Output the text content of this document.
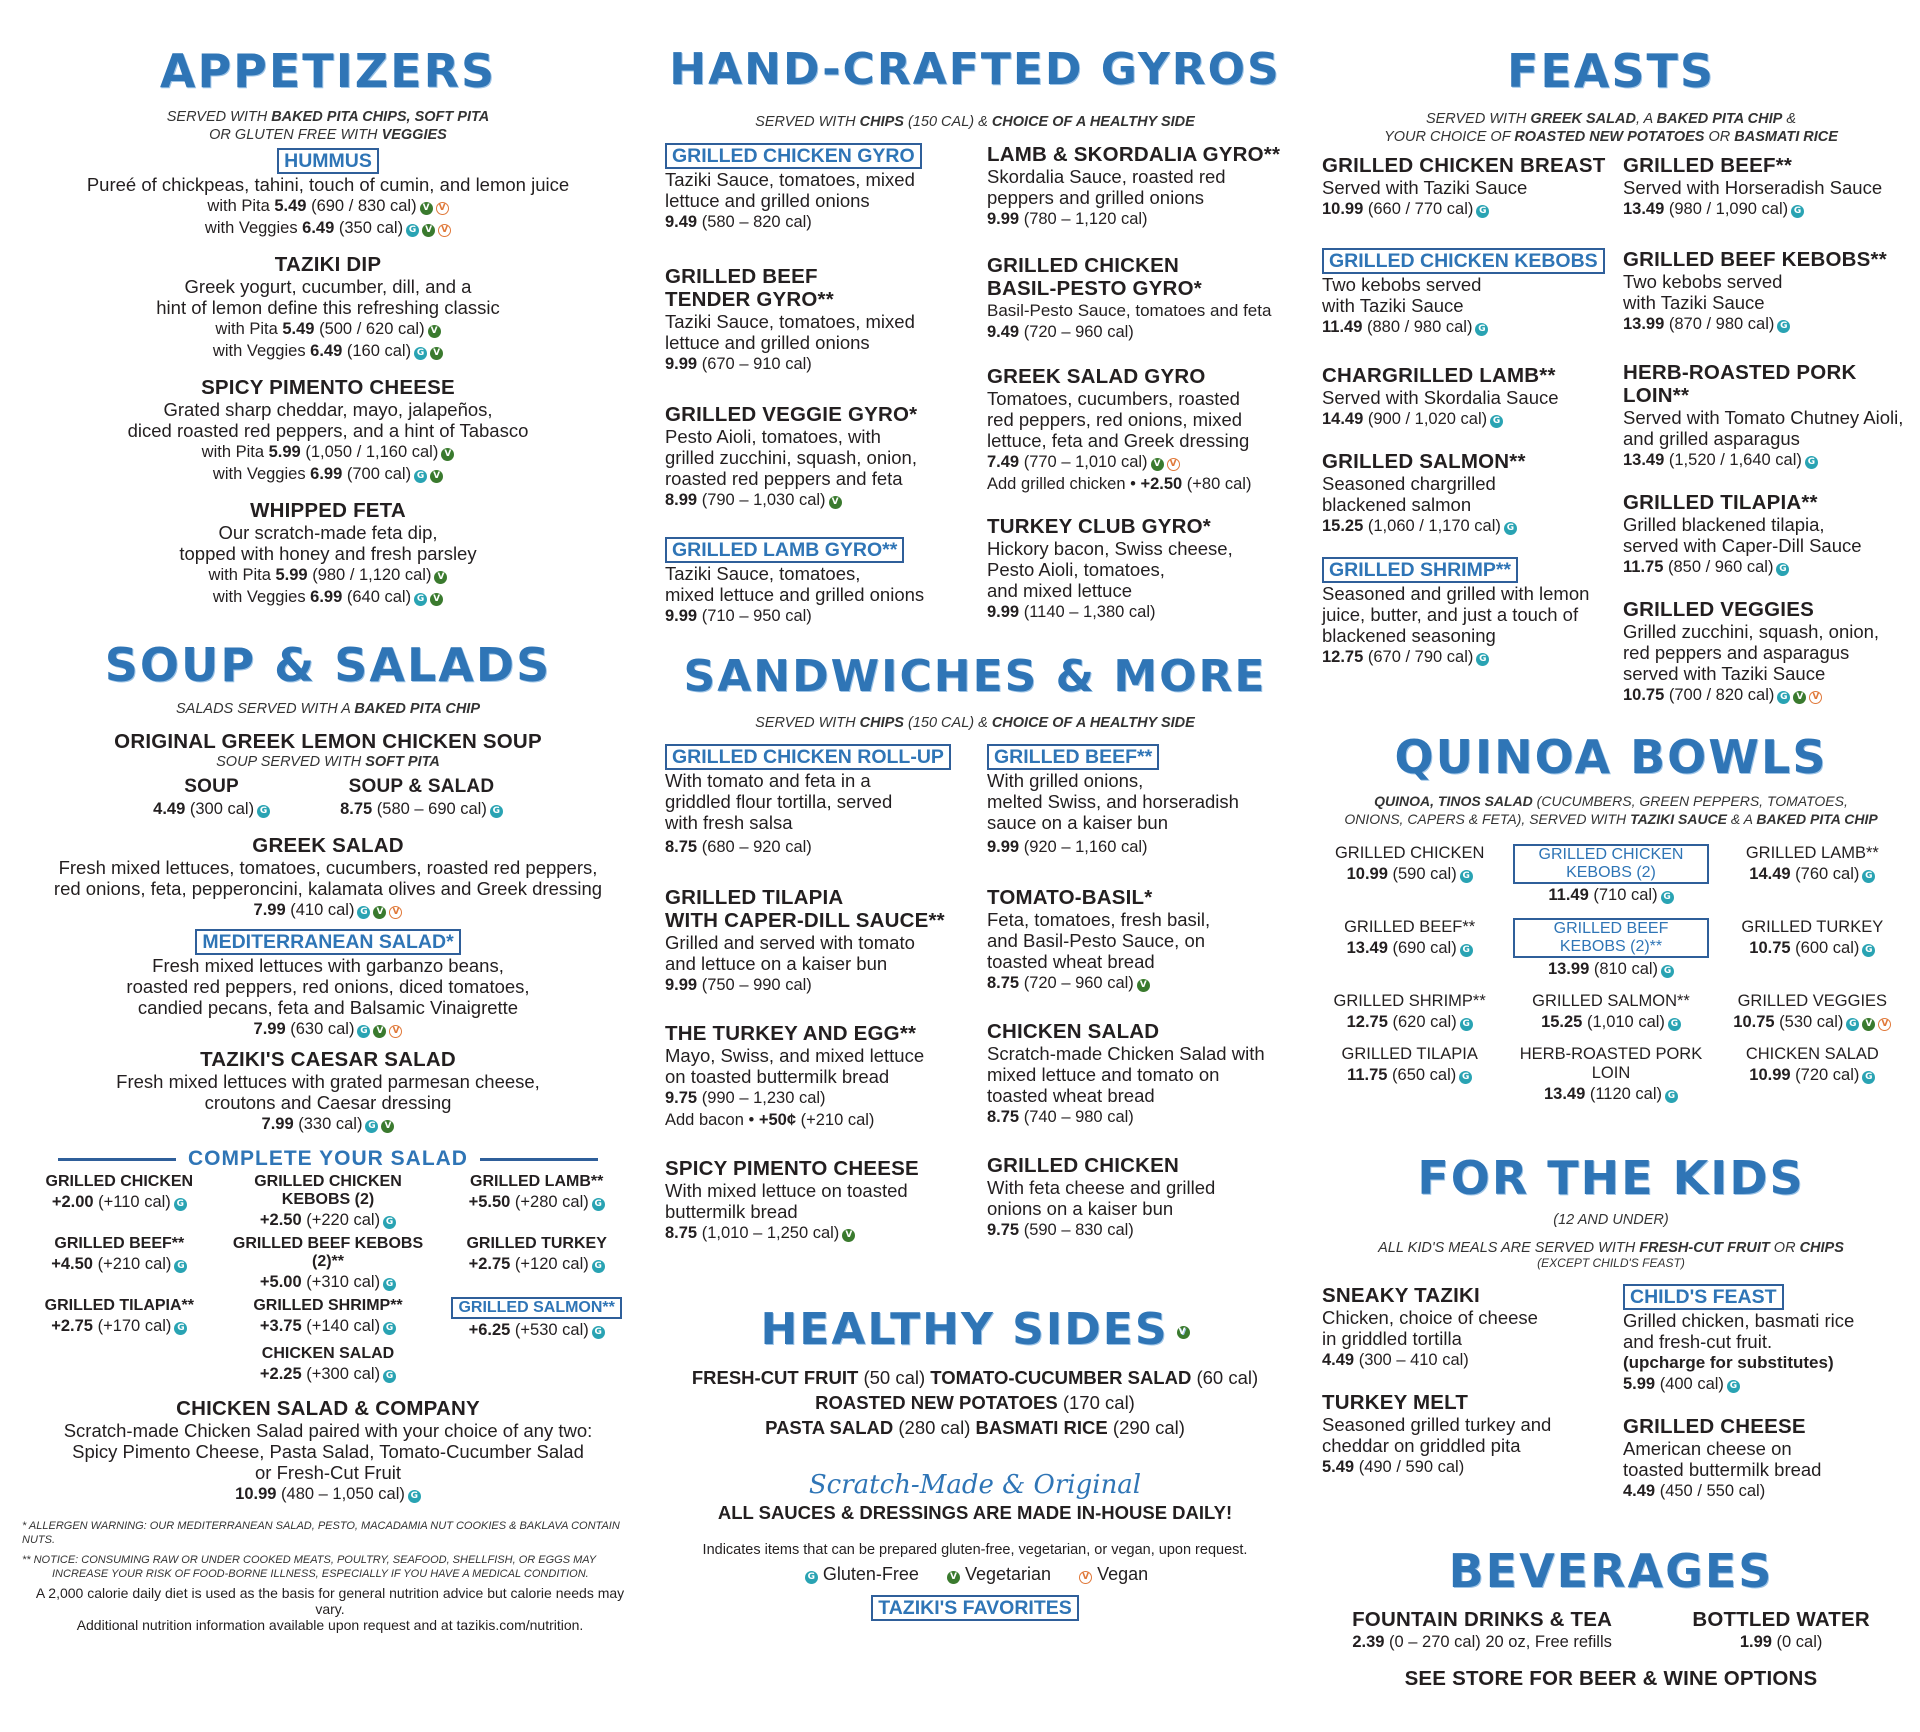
APPETIZERS
SERVED WITH BAKED PITA CHIPS, SOFT PITA
OR GLUTEN FREE WITH VEGGIES
HUMMUS
Pureé of chickpeas, tahini, touch of cumin, and lemon juice
with Pita 5.49 (690 / 830 cal) V V
with Veggies 6.49 (350 cal) G V V
TAZIKI DIP
Greek yogurt, cucumber, dill, and a
hint of lemon define this refreshing classic
with Pita 5.49 (500 / 620 cal) V
with Veggies 6.49 (160 cal) G V
SPICY PIMENTO CHEESE
Grated sharp cheddar, mayo, jalapeños,
diced roasted red peppers, and a hint of Tabasco
with Pita 5.99 (1,050 / 1,160 cal) V
with Veggies 6.99 (700 cal) G V
WHIPPED FETA
Our scratch-made feta dip,
topped with honey and fresh parsley
with Pita 5.99 (980 / 1,120 cal) V
with Veggies 6.99 (640 cal) G V
SOUP & SALADS
SALADS SERVED WITH A BAKED PITA CHIP
ORIGINAL GREEK LEMON CHICKEN SOUP
SOUP SERVED WITH SOFT PITA
SOUP
4.49 (300 cal) G
SOUP & SALAD
8.75 (580 – 690 cal) G
GREEK SALAD
Fresh mixed lettuces, tomatoes, cucumbers, roasted red peppers,
red onions, feta, pepperoncini, kalamata olives and Greek dressing
7.99 (410 cal) G V V
MEDITERRANEAN SALAD*
Fresh mixed lettuces with garbanzo beans,
roasted red peppers, red onions, diced tomatoes,
candied pecans, feta and Balsamic Vinaigrette
7.99 (630 cal) G V V
TAZIKI'S CAESAR SALAD
Fresh mixed lettuces with grated parmesan cheese,
croutons and Caesar dressing
7.99 (330 cal) G V
COMPLETE YOUR SALAD
GRILLED CHICKEN
+2.00 (+110 cal) G
GRILLED CHICKEN KEBOBS (2)
+2.50 (+220 cal) G
GRILLED LAMB**
+5.50 (+280 cal) G
GRILLED BEEF**
+4.50 (+210 cal) G
GRILLED BEEF KEBOBS (2)**
+5.00 (+310 cal) G
GRILLED TURKEY
+2.75 (+120 cal) G
GRILLED TILAPIA**
+2.75 (+170 cal) G
GRILLED SHRIMP**
+3.75 (+140 cal) G
GRILLED SALMON**
+6.25 (+530 cal) G
CHICKEN SALAD
+2.25 (+300 cal) G
CHICKEN SALAD & COMPANY
Scratch-made Chicken Salad paired with your choice of any two:
Spicy Pimento Cheese, Pasta Salad, Tomato-Cucumber Salad
or Fresh-Cut Fruit
10.99 (480 – 1,050 cal) G
* ALLERGEN WARNING: OUR MEDITERRANEAN SALAD, PESTO, MACADAMIA NUT COOKIES & BAKLAVA CONTAIN NUTS.
** NOTICE: CONSUMING RAW OR UNDER COOKED MEATS, POULTRY, SEAFOOD, SHELLFISH, OR EGGS MAY
INCREASE YOUR RISK OF FOOD-BORNE ILLNESS, ESPECIALLY IF YOU HAVE A MEDICAL CONDITION.
A 2,000 calorie daily diet is used as the basis for general nutrition advice but calorie needs may vary.
Additional nutrition information available upon request and at tazikis.com/nutrition.
HAND-CRAFTED GYROS
SERVED WITH CHIPS (150 CAL) & CHOICE OF A HEALTHY SIDE
GRILLED CHICKEN GYRO
Taziki Sauce, tomatoes, mixed
lettuce and grilled onions
9.49 (580 – 820 cal)
GRILLED BEEF
TENDER GYRO**
Taziki Sauce, tomatoes, mixed
lettuce and grilled onions
9.99 (670 – 910 cal)
GRILLED VEGGIE GYRO*
Pesto Aioli, tomatoes, with
grilled zucchini, squash, onion,
roasted red peppers and feta
8.99 (790 – 1,030 cal) V
GRILLED LAMB GYRO**
Taziki Sauce, tomatoes,
mixed lettuce and grilled onions
9.99 (710 – 950 cal)
LAMB & SKORDALIA GYRO**
Skordalia Sauce, roasted red
peppers and grilled onions
9.99 (780 – 1,120 cal)
GRILLED CHICKEN
BASIL-PESTO GYRO*
Basil-Pesto Sauce, tomatoes and feta
9.49 (720 – 960 cal)
GREEK SALAD GYRO
Tomatoes, cucumbers, roasted
red peppers, red onions, mixed
lettuce, feta and Greek dressing
7.49 (770 – 1,010 cal) V V
Add grilled chicken • +2.50 (+80 cal)
TURKEY CLUB GYRO*
Hickory bacon, Swiss cheese,
Pesto Aioli, tomatoes,
and mixed lettuce
9.99 (1140 – 1,380 cal)
SANDWICHES & MORE
SERVED WITH CHIPS (150 CAL) & CHOICE OF A HEALTHY SIDE
GRILLED CHICKEN ROLL-UP
With tomato and feta in a
griddled flour tortilla, served
with fresh salsa
8.75 (680 – 920 cal)
GRILLED TILAPIA
WITH CAPER-DILL SAUCE**
Grilled and served with tomato
and lettuce on a kaiser bun
9.99 (750 – 990 cal)
THE TURKEY AND EGG**
Mayo, Swiss, and mixed lettuce
on toasted buttermilk bread
9.75 (990 – 1,230 cal)
Add bacon • +50¢ (+210 cal)
SPICY PIMENTO CHEESE
With mixed lettuce on toasted
buttermilk bread
8.75 (1,010 – 1,250 cal) V
GRILLED BEEF**
With grilled onions,
melted Swiss, and horseradish
sauce on a kaiser bun
9.99 (920 – 1,160 cal)
TOMATO-BASIL*
Feta, tomatoes, fresh basil,
and Basil-Pesto Sauce, on
toasted wheat bread
8.75 (720 – 960 cal) V
CHICKEN SALAD
Scratch-made Chicken Salad with
mixed lettuce and tomato on
toasted wheat bread
8.75 (740 – 980 cal)
GRILLED CHICKEN
With feta cheese and grilled
onions on a kaiser bun
9.75 (590 – 830 cal)
HEALTHY SIDES V
FRESH-CUT FRUIT (50 cal) TOMATO-CUCUMBER SALAD (60 cal)
ROASTED NEW POTATOES (170 cal)
PASTA SALAD (280 cal) BASMATI RICE (290 cal)
Scratch-Made & Original
ALL SAUCES & DRESSINGS ARE MADE IN-HOUSE DAILY!
Indicates items that can be prepared gluten-free, vegetarian, or vegan, upon request.
G Gluten-Free	V Vegetarian	V Vegan
TAZIKI'S FAVORITES
FEASTS
SERVED WITH GREEK SALAD, A BAKED PITA CHIP &
YOUR CHOICE OF ROASTED NEW POTATOES OR BASMATI RICE
GRILLED CHICKEN BREAST
Served with Taziki Sauce
10.99 (660 / 770 cal) G
GRILLED CHICKEN KEBOBS
Two kebobs served
with Taziki Sauce
11.49 (880 / 980 cal) G
CHARGRILLED LAMB**
Served with Skordalia Sauce
14.49 (900 / 1,020 cal) G
GRILLED SALMON**
Seasoned chargrilled
blackened salmon
15.25 (1,060 / 1,170 cal) G
GRILLED SHRIMP**
Seasoned and grilled with lemon
juice, butter, and just a touch of
blackened seasoning
12.75 (670 / 790 cal) G
GRILLED BEEF**
Served with Horseradish Sauce
13.49 (980 / 1,090 cal) G
GRILLED BEEF KEBOBS**
Two kebobs served
with Taziki Sauce
13.99 (870 / 980 cal) G
HERB-ROASTED PORK LOIN**
Served with Tomato Chutney Aioli,
and grilled asparagus
13.49 (1,520 / 1,640 cal) G
GRILLED TILAPIA**
Grilled blackened tilapia,
served with Caper-Dill Sauce
11.75 (850 / 960 cal) G
GRILLED VEGGIES
Grilled zucchini, squash, onion,
red peppers and asparagus
served with Taziki Sauce
10.75 (700 / 820 cal) G V V
QUINOA BOWLS
QUINOA, TINOS SALAD (CUCUMBERS, GREEN PEPPERS, TOMATOES,
ONIONS, CAPERS & FETA), SERVED WITH TAZIKI SAUCE & A BAKED PITA CHIP
GRILLED CHICKEN
10.99 (590 cal) G
GRILLED CHICKEN KEBOBS (2)
11.49 (710 cal) G
GRILLED LAMB**
14.49 (760 cal) G
GRILLED BEEF**
13.49 (690 cal) G
GRILLED BEEF KEBOBS (2)**
13.99 (810 cal) G
GRILLED TURKEY
10.75 (600 cal) G
GRILLED SHRIMP**
12.75 (620 cal) G
GRILLED SALMON**
15.25 (1,010 cal) G
GRILLED VEGGIES
10.75 (530 cal) G V V
GRILLED TILAPIA
11.75 (650 cal) G
HERB-ROASTED PORK LOIN
13.49 (1120 cal) G
CHICKEN SALAD
10.99 (720 cal) G
FOR THE KIDS
(12 AND UNDER)
ALL KID'S MEALS ARE SERVED WITH FRESH-CUT FRUIT OR CHIPS
(EXCEPT CHILD'S FEAST)
SNEAKY TAZIKI
Chicken, choice of cheese
in griddled tortilla
4.49 (300 – 410 cal)
TURKEY MELT
Seasoned grilled turkey and
cheddar on griddled pita
5.49 (490 / 590 cal)
CHILD'S FEAST
Grilled chicken, basmati rice
and fresh-cut fruit.
(upcharge for substitutes)
5.99 (400 cal) G
GRILLED CHEESE
American cheese on
toasted buttermilk bread
4.49 (450 / 550 cal)
BEVERAGES
FOUNTAIN DRINKS & TEA
2.39 (0 – 270 cal) 20 oz, Free refills
BOTTLED WATER
1.99 (0 cal)
SEE STORE FOR BEER & WINE OPTIONS
